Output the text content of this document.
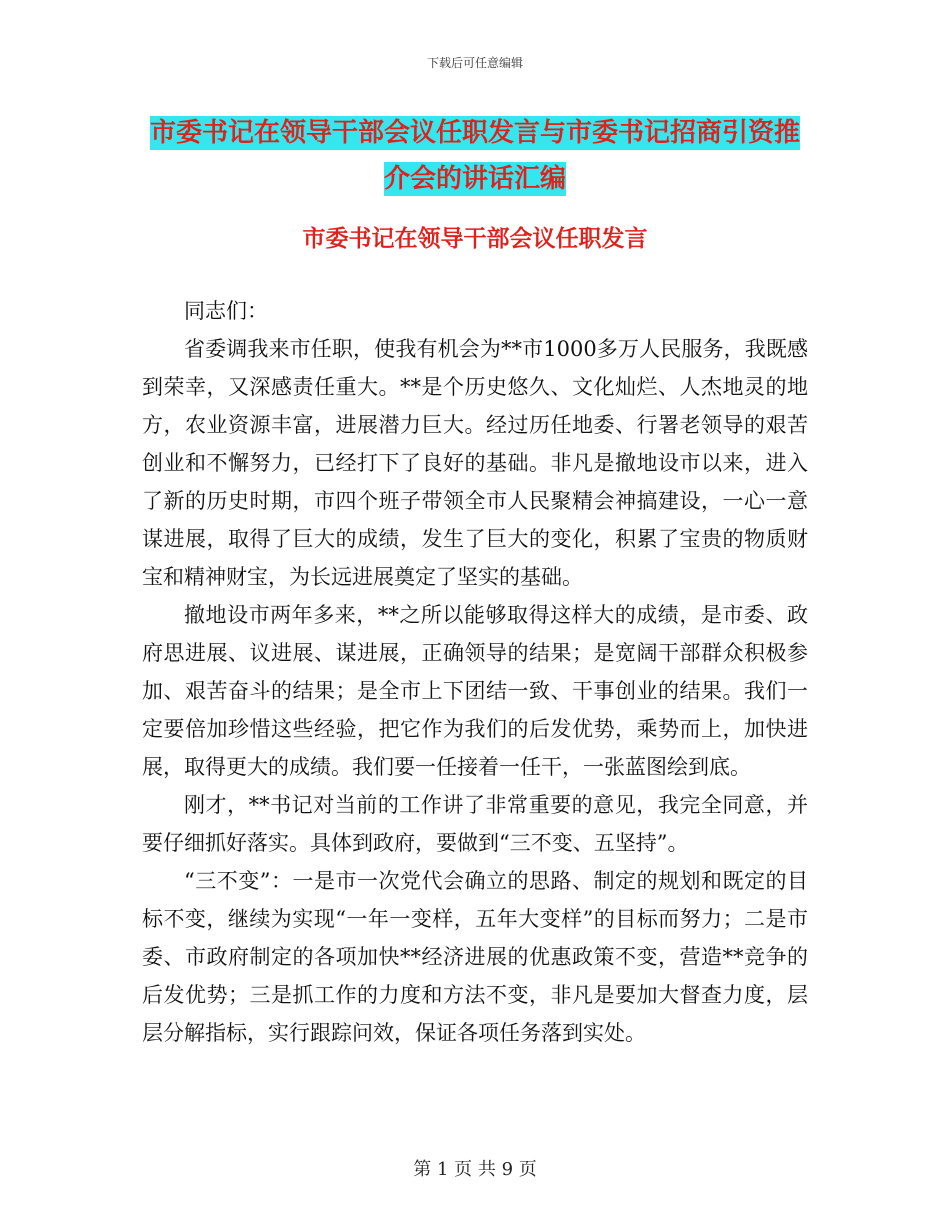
下载后可任意编辑
市委书记在领导干部会议任职发言与市委书记招商引资推介会的讲话汇编
市委书记在领导干部会议任职发言

同志们：

省委调我来市任职，使我有机会为**市1000多万人民服务，我既感到荣幸，又深感责任重大。**是个历史悠久、文化灿烂、人杰地灵的地方，农业资源丰富，进展潜力巨大。经过历任地委、行署老领导的艰苦创业和不懈努力，已经打下了良好的基础。非凡是撤地设市以来，进入了新的历史时期，市四个班子带领全市人民聚精会神搞建设，一心一意谋进展，取得了巨大的成绩，发生了巨大的变化，积累了宝贵的物质财宝和精神财宝，为长远进展奠定了坚实的基础。

撤地设市两年多来，**之所以能够取得这样大的成绩，是市委、政府思进展、议进展、谋进展，正确领导的结果；是宽阔干部群众积极参加、艰苦奋斗的结果；是全市上下团结一致、干事创业的结果。我们一定要倍加珍惜这些经验，把它作为我们的后发优势，乘势而上，加快进展，取得更大的成绩。我们要一任接着一任干，一张蓝图绘到底。

刚才，**书记对当前的工作讲了非常重要的意见，我完全同意，并要仔细抓好落实。具体到政府，要做到“三不变、五坚持”。

“三不变”：一是市一次党代会确立的思路、制定的规划和既定的目标不变，继续为实现“一年一变样，五年大变样”的目标而努力；二是市委、市政府制定的各项加快**经济进展的优惠政策不变，营造**竞争的后发优势；三是抓工作的力度和方法不变，非凡是要加大督查力度，层层分解指标，实行跟踪问效，保证各项任务落到实处。

第 1 页 共 9 页
